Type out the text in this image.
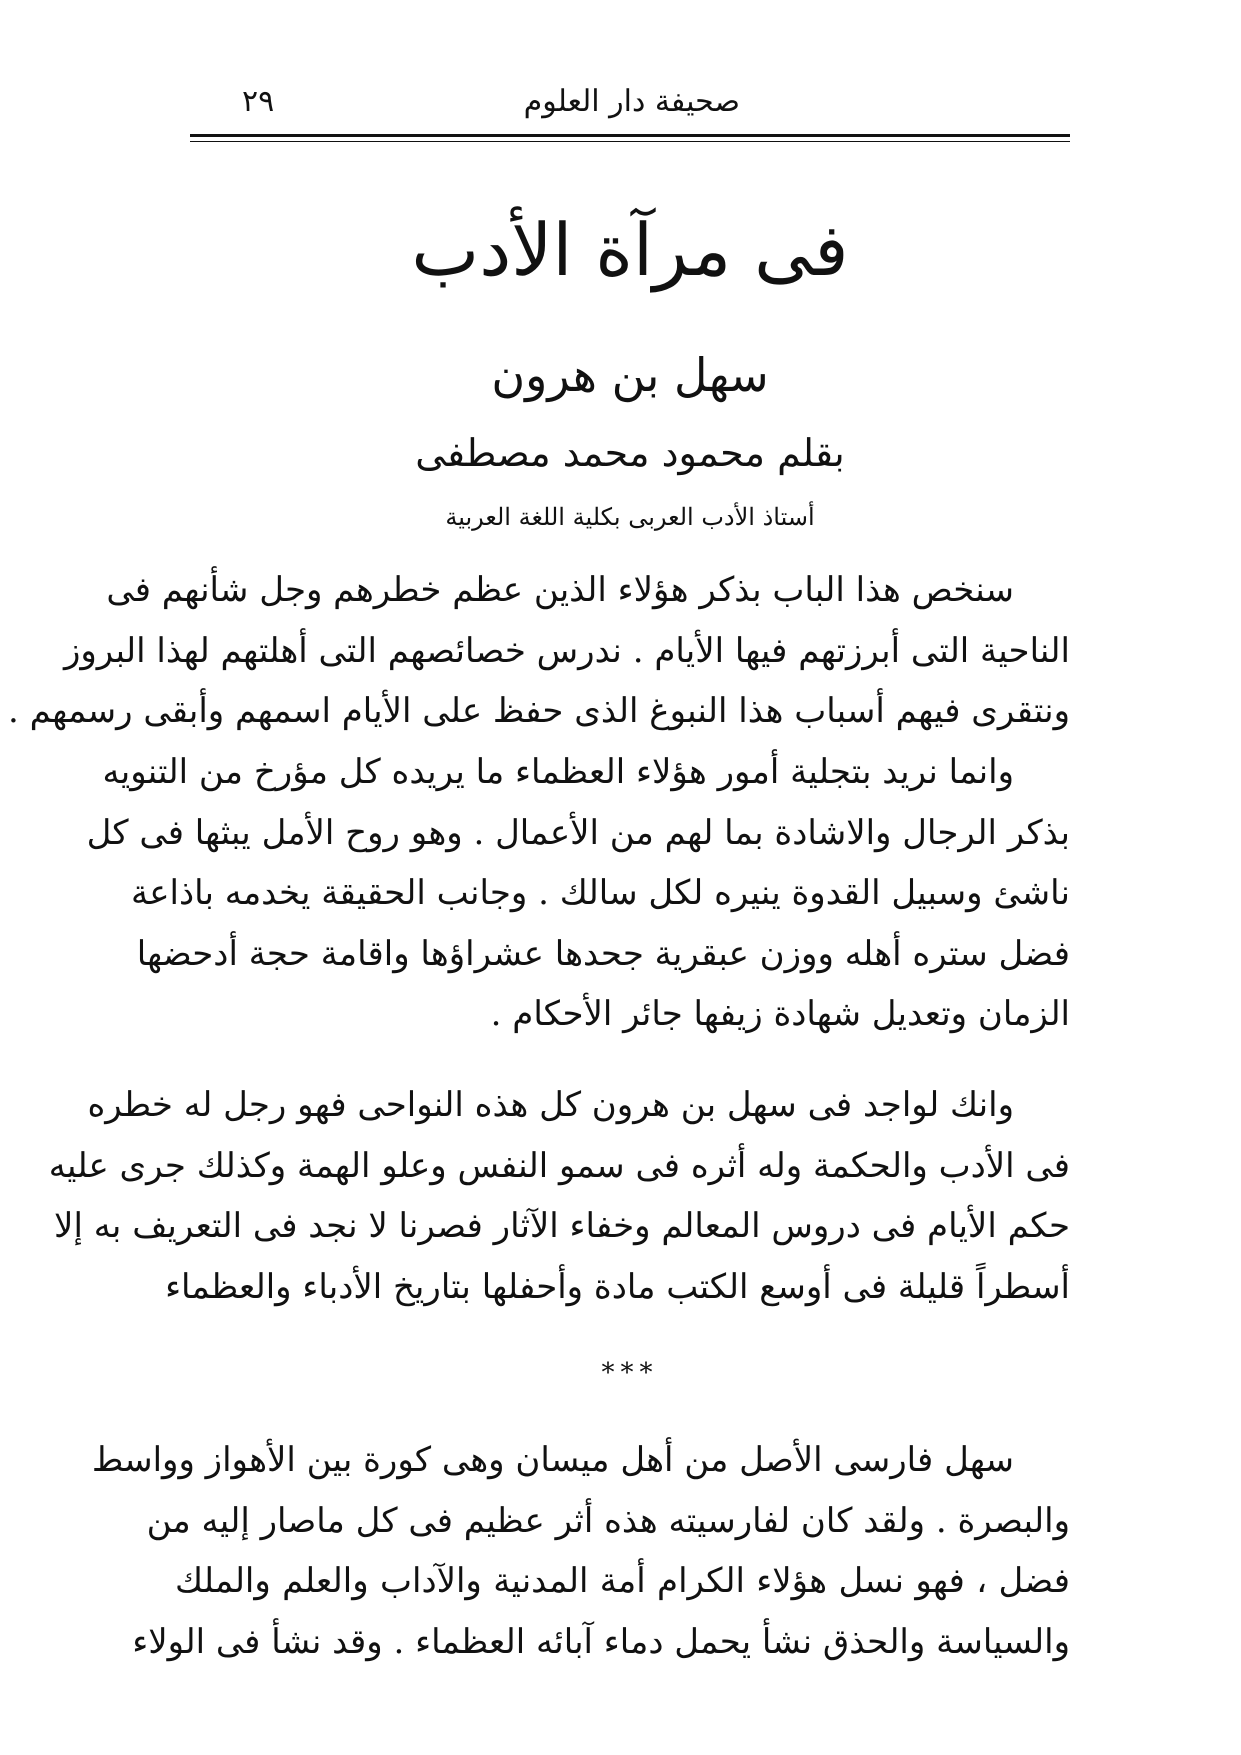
صحيفة دار العلوم
٢٩
فى مرآة الأدب
سهل بن هرون
بقلم محمود محمد مصطفى
أستاذ الأدب العربى بكلية اللغة العربية
سنخص هذا الباب بذكر هؤلاء الذين عظم خطرهم وجل شأنهم فى
الناحية التى أبرزتهم فيها الأيام . ندرس خصائصهم التى أهلتهم لهذا البروز
ونتقرى فيهم أسباب هذا النبوغ الذى حفظ على الأيام اسمهم وأبقى رسمهم .
وانما نريد بتجلية أمور هؤلاء العظماء ما يريده كل مؤرخ من التنويه
بذكر الرجال والاشادة بما لهم من الأعمال . وهو روح الأمل يبثها فى كل
ناشئ وسبيل القدوة ينيره لكل سالك . وجانب الحقيقة يخدمه باذاعة
فضل ستره أهله ووزن عبقرية جحدها عشراؤها واقامة حجة أدحضها
الزمان وتعديل شهادة زيفها جائر الأحكام .
وانك لواجد فى سهل بن هرون كل هذه النواحى فهو رجل له خطره
فى الأدب والحكمة وله أثره فى سمو النفس وعلو الهمة وكذلك جرى عليه
حكم الأيام فى دروس المعالم وخفاء الآثار فصرنا لا نجد فى التعريف به إلا
أسطراً قليلة فى أوسع الكتب مادة وأحفلها بتاريخ الأدباء والعظماء
***
سهل فارسى الأصل من أهل ميسان وهى كورة بين الأهواز وواسط
والبصرة . ولقد كان لفارسيته هذه أثر عظيم فى كل ماصار إليه من
فضل ، فهو نسل هؤلاء الكرام أمة المدنية والآداب والعلم والملك
والسياسة والحذق نشأ يحمل دماء آبائه العظماء . وقد نشأ فى الولاء
